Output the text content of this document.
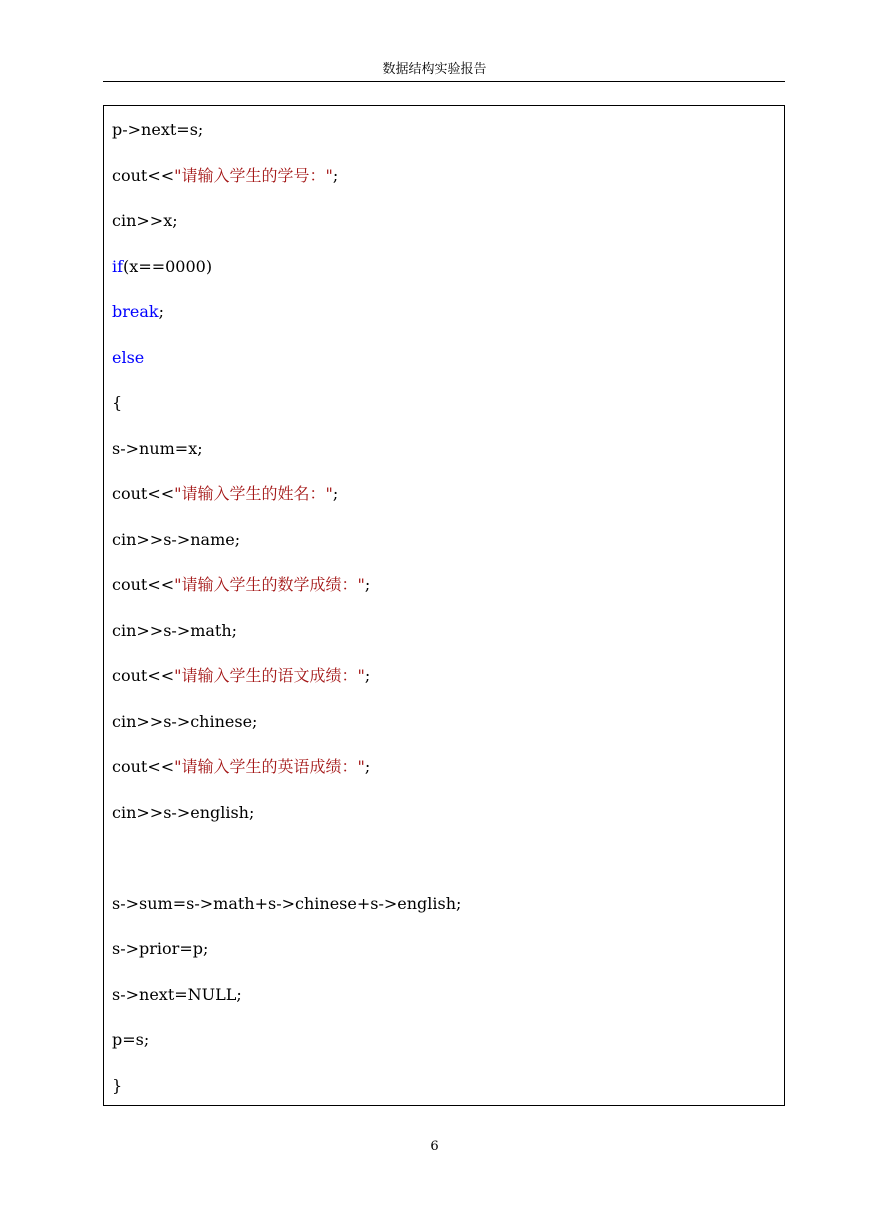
数据结构实验报告
p->next=s;
cout<<"请输入学生的学号：";
cin>>x;
if(x==0000)
break;
else
{
s->num=x;
cout<<"请输入学生的姓名：";
cin>>s->name;
cout<<"请输入学生的数学成绩：";
cin>>s->math;
cout<<"请输入学生的语文成绩：";
cin>>s->chinese;
cout<<"请输入学生的英语成绩：";
cin>>s->english;
s->sum=s->math+s->chinese+s->english;
s->prior=p;
s->next=NULL;
p=s;
}
6
